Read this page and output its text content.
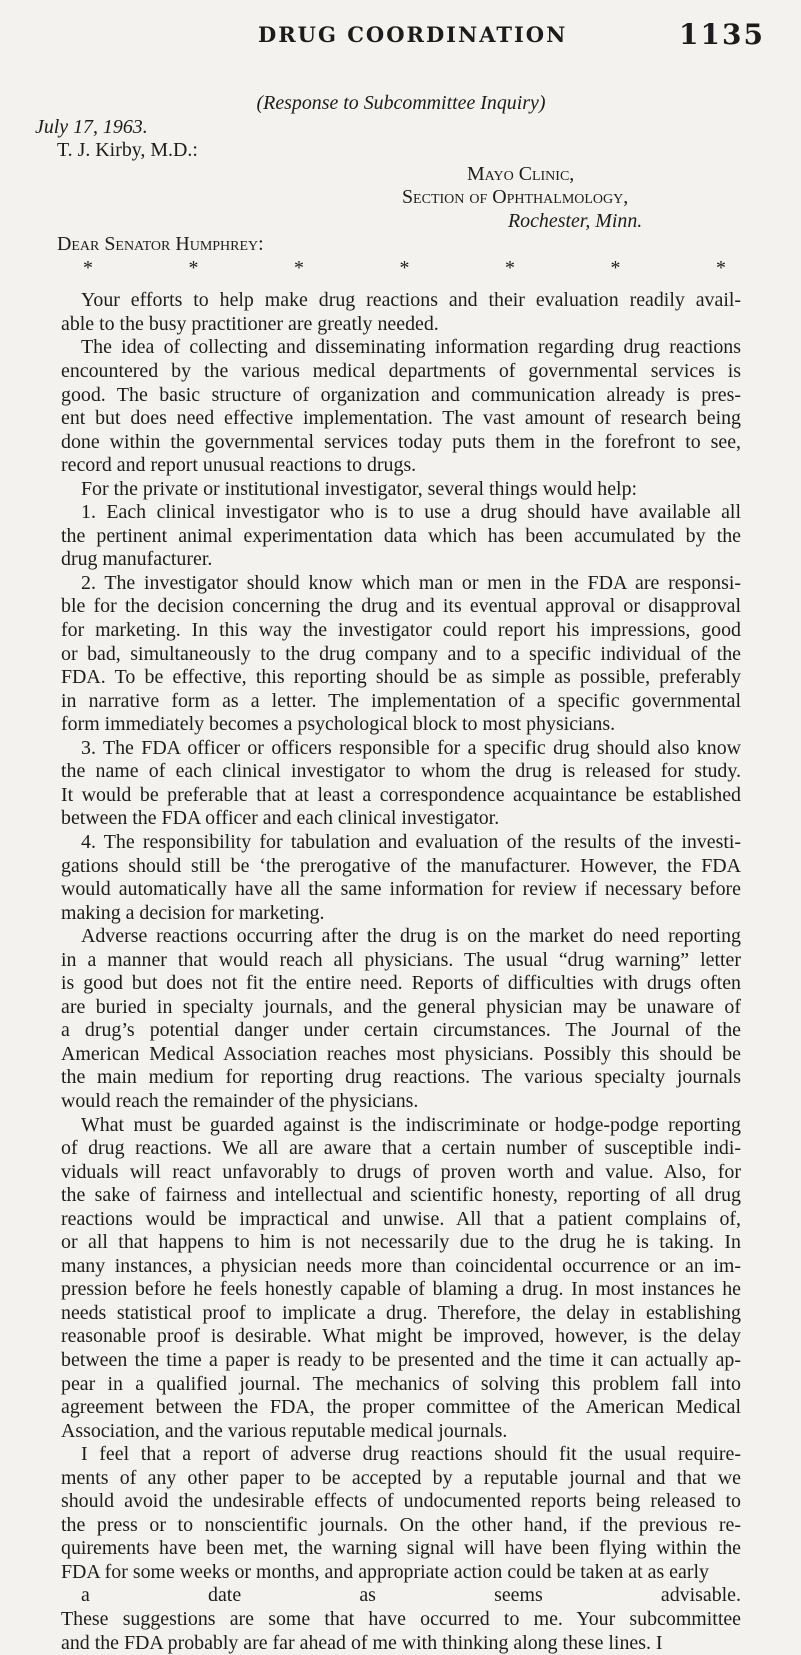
DRUG COORDINATION	1135
(Response to Subcommittee Inquiry)
July 17, 1963.
T. J. Kirby, M.D.:
Mayo Clinic,
Section of Ophthalmology,
Rochester, Minn.
Dear Senator Humphrey:
*	*	*	*	*	*	*
Your efforts to help make drug reactions and their evaluation readily avail-
able to the busy practitioner are greatly needed.
The idea of collecting and disseminating information regarding drug reactions
encountered by the various medical departments of governmental services is
good. The basic structure of organization and communication already is pres-
ent but does need effective implementation. The vast amount of research being
done within the governmental services today puts them in the forefront to see,
record and report unusual reactions to drugs.
For the private or institutional investigator, several things would help:
1. Each clinical investigator who is to use a drug should have available all
the pertinent animal experimentation data which has been accumulated by the
drug manufacturer.
2. The investigator should know which man or men in the FDA are responsi-
ble for the decision concerning the drug and its eventual approval or disapproval
for marketing. In this way the investigator could report his impressions, good
or bad, simultaneously to the drug company and to a specific individual of the
FDA. To be effective, this reporting should be as simple as possible, preferably
in narrative form as a letter. The implementation of a specific governmental
form immediately becomes a psychological block to most physicians.
3. The FDA officer or officers responsible for a specific drug should also know
the name of each clinical investigator to whom the drug is released for study.
It would be preferable that at least a correspondence acquaintance be established
between the FDA officer and each clinical investigator.
4. The responsibility for tabulation and evaluation of the results of the investi-
gations should still be ‘the prerogative of the manufacturer. However, the FDA
would automatically have all the same information for review if necessary before
making a decision for marketing.
Adverse reactions occurring after the drug is on the market do need reporting
in a manner that would reach all physicians. The usual “drug warning” letter
is good but does not fit the entire need. Reports of difficulties with drugs often
are buried in specialty journals, and the general physician may be unaware of
a drug’s potential danger under certain circumstances. The Journal of the
American Medical Association reaches most physicians. Possibly this should be
the main medium for reporting drug reactions. The various specialty journals
would reach the remainder of the physicians.
What must be guarded against is the indiscriminate or hodge-podge reporting
of drug reactions. We all are aware that a certain number of susceptible indi-
viduals will react unfavorably to drugs of proven worth and value. Also, for
the sake of fairness and intellectual and scientific honesty, reporting of all drug
reactions would be impractical and unwise. All that a patient complains of,
or all that happens to him is not necessarily due to the drug he is taking. In
many instances, a physician needs more than coincidental occurrence or an im-
pression before he feels honestly capable of blaming a drug. In most instances he
needs statistical proof to implicate a drug. Therefore, the delay in establishing
reasonable proof is desirable. What might be improved, however, is the delay
between the time a paper is ready to be presented and the time it can actually ap-
pear in a qualified journal. The mechanics of solving this problem fall into
agreement between the FDA, the proper committee of the American Medical
Association, and the various reputable medical journals.
I feel that a report of adverse drug reactions should fit the usual require-
ments of any other paper to be accepted by a reputable journal and that we
should avoid the undesirable effects of undocumented reports being released to
the press or to nonscientific journals. On the other hand, if the previous re-
quirements have been met, the warning signal will have been flying within the
FDA for some weeks or months, and appropriate action could be taken at as early
a date as seems advisable.
These suggestions are some that have occurred to me. Your subcommittee
and the FDA probably are far ahead of me with thinking along these lines. I
